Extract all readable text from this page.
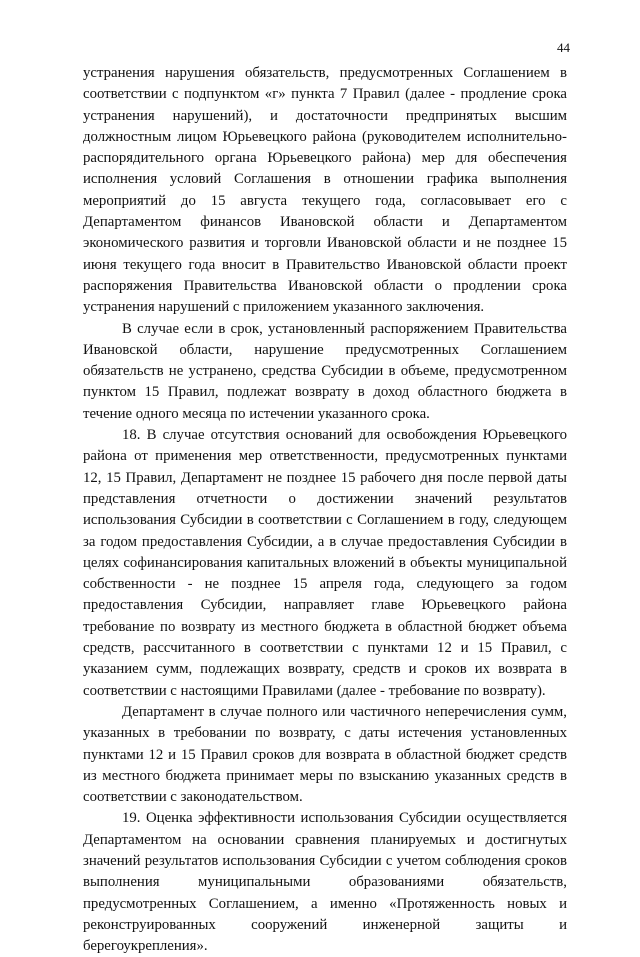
44

устранения нарушения обязательств, предусмотренных Соглашением в соответствии с подпунктом «г» пункта 7 Правил (далее - продление срока устранения нарушений), и достаточности предпринятых высшим должностным лицом Юрьевецкого района (руководителем исполнительно-распорядительного органа Юрьевецкого района) мер для обеспечения исполнения условий Соглашения в отношении графика выполнения мероприятий до 15 августа текущего года, согласовывает его с Департаментом финансов Ивановской области и Департаментом экономического развития и торговли Ивановской области и не позднее 15 июня текущего года вносит в Правительство Ивановской области проект распоряжения Правительства Ивановской области о продлении срока устранения нарушений с приложением указанного заключения.

В случае если в срок, установленный распоряжением Правительства Ивановской области, нарушение предусмотренных Соглашением обязательств не устранено, средства Субсидии в объеме, предусмотренном пунктом 15 Правил, подлежат возврату в доход областного бюджета в течение одного месяца по истечении указанного срока.

18. В случае отсутствия оснований для освобождения Юрьевецкого района от применения мер ответственности, предусмотренных пунктами 12, 15 Правил, Департамент не позднее 15 рабочего дня после первой даты представления отчетности о достижении значений результатов использования Субсидии в соответствии с Соглашением в году, следующем за годом предоставления Субсидии, а в случае предоставления Субсидии в целях софинансирования капитальных вложений в объекты муниципальной собственности - не позднее 15 апреля года, следующего за годом предоставления Субсидии, направляет главе Юрьевецкого района требование по возврату из местного бюджета в областной бюджет объема средств, рассчитанного в соответствии с пунктами 12 и 15 Правил, с указанием сумм, подлежащих возврату, средств и сроков их возврата в соответствии с настоящими Правилами (далее - требование по возврату).

Департамент в случае полного или частичного неперечисления сумм, указанных в требовании по возврату, с даты истечения установленных пунктами 12 и 15 Правил сроков для возврата в областной бюджет средств из местного бюджета принимает меры по взысканию указанных средств в соответствии с законодательством.

19. Оценка эффективности использования Субсидии осуществляется Департаментом на основании сравнения планируемых и достигнутых значений результатов использования Субсидии с учетом соблюдения сроков выполнения муниципальными образованиями обязательств, предусмотренных Соглашением, а именно «Протяженность новых и реконструированных сооружений инженерной защиты и берегоукрепления».
